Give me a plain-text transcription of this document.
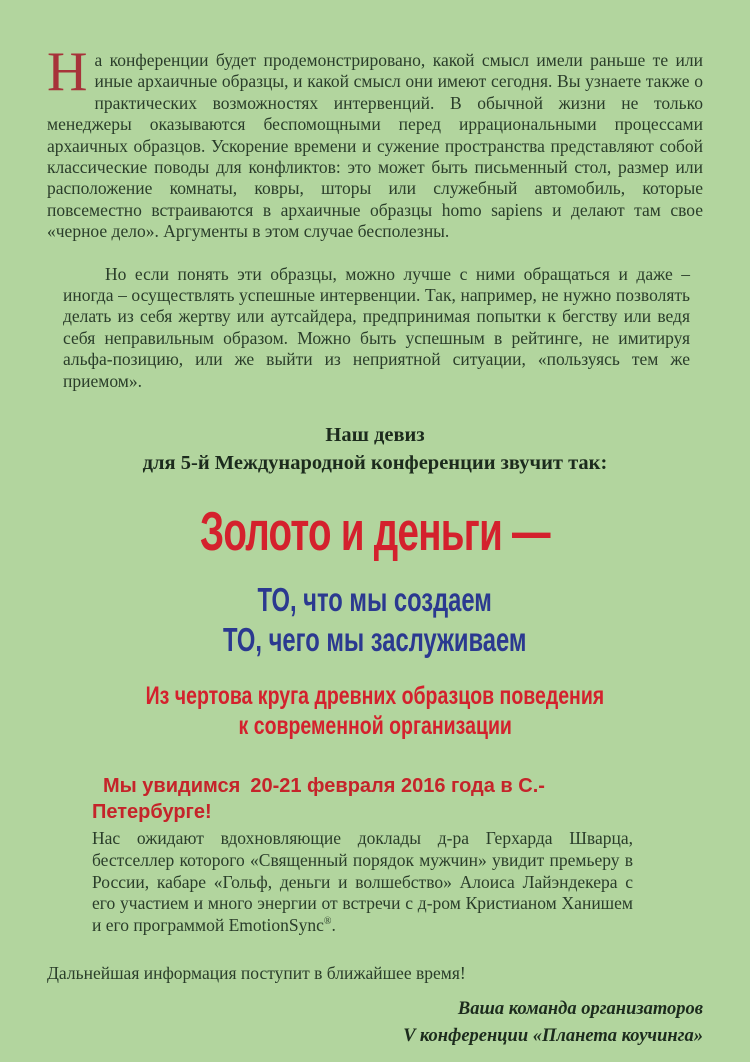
На конференции будет продемонстрировано, какой смысл имели раньше те или иные архаичные образцы, и какой смысл они имеют сегодня. Вы узнаете также о практических возможностях интервенций. В обычной жизни не только менеджеры оказываются беспомощными перед иррациональными процессами архаичных образцов. Ускорение времени и сужение пространства представляют собой классические поводы для конфликтов: это может быть письменный стол, размер или расположение комнаты, ковры, шторы или служебный автомобиль, которые повсеместно встраиваются в архаичные образцы homo sapiens и делают там свое «черное дело». Аргументы в этом случае бесполезны.

Но если понять эти образцы, можно лучше с ними обращаться и даже – иногда – осуществлять успешные интервенции. Так, например, не нужно позволять делать из себя жертву или аутсайдера, предпринимая попытки к бегству или ведя себя неправильным образом. Можно быть успешным в рейтинге, не имитируя альфа-позицию, или же выйти из неприятной ситуации, «пользуясь тем же приемом».

Наш девиз
для 5-й Международной конференции звучит так:
Золото и деньги —
ТО, что мы создаем
ТО, чего мы заслуживаем
Из чертова круга древних образцов поведения
к современной организации
Мы увидимся 20-21 февраля 2016 года в С.-Петербурге!

Нас ожидают вдохновляющие доклады д-ра Герхарда Шварца, бестселлер которого «Священный порядок мужчин» увидит премьеру в России, кабаре «Гольф, деньги и волшебство» Алоиса Лайэндекера с его участием и много энергии от встречи с д-ром Кристианом Ханишем и его программой EmotionSync®.

Дальнейшая информация поступит в ближайшее время!
Ваша команда организаторов
V конференции «Планета коучинга»
